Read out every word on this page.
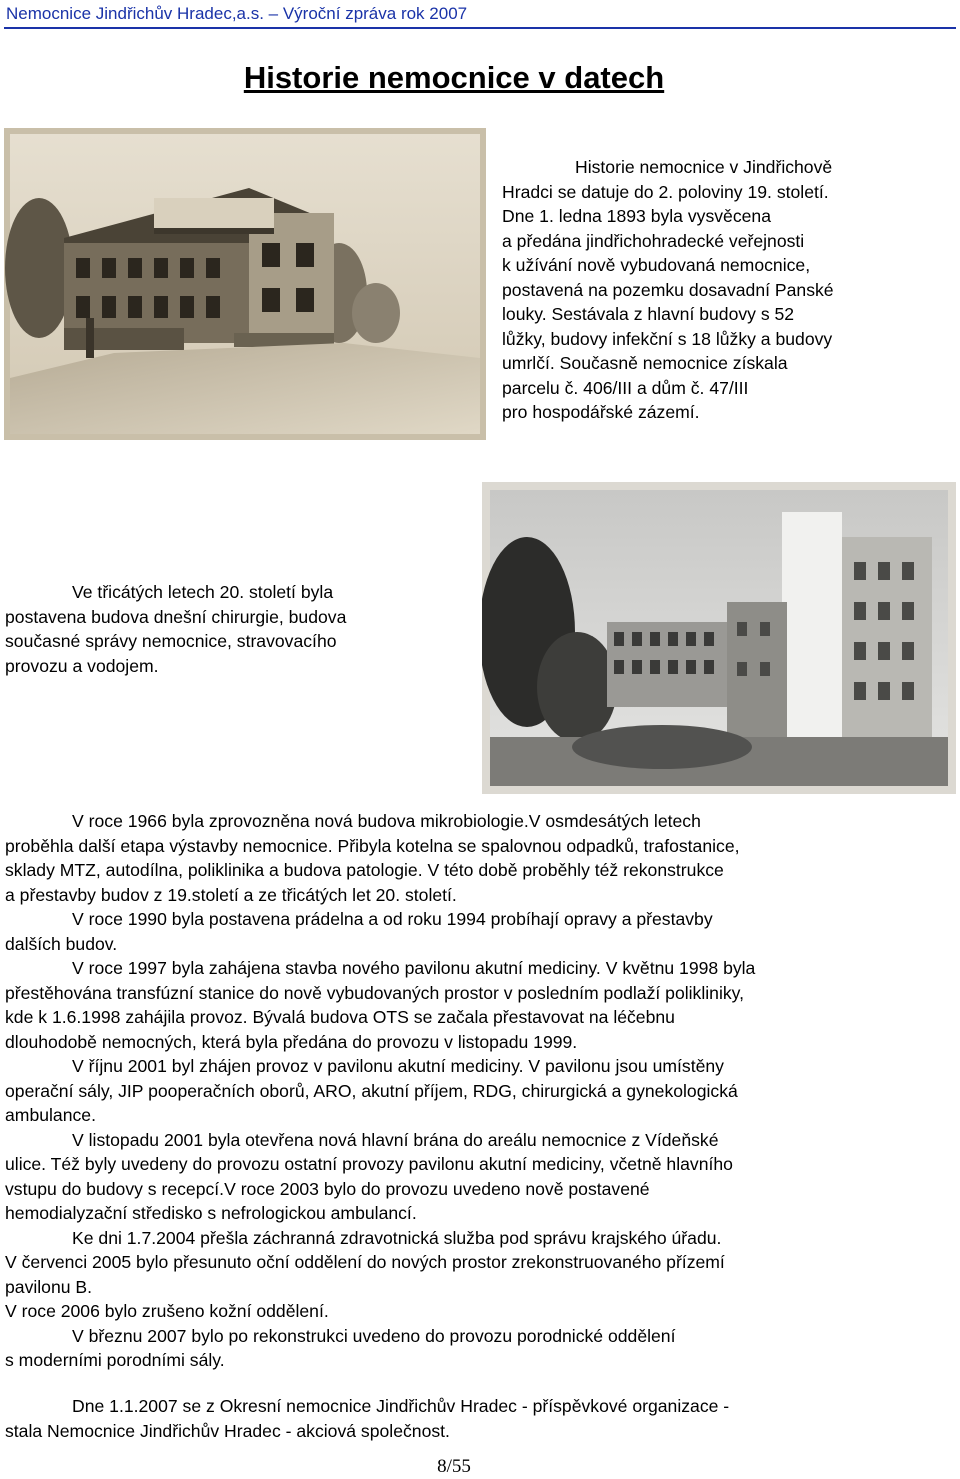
Nemocnice Jindřichův Hradec,a.s. – Výroční zpráva rok 2007
Historie nemocnice v datech

Historie nemocnice v Jindřichově

Hradci se datuje do 2. poloviny 19. století.

Dne 1. ledna 1893 byla vysvěcena

a předána jindřichohradecké veřejnosti

k užívání nově vybudovaná nemocnice,

postavená na pozemku dosavadní Panské

louky. Sestávala z hlavní budovy s 52

lůžky, budovy infekční s 18 lůžky a budovy

umrlčí. Současně nemocnice získala

parcelu č. 406/III a dům č. 47/III

pro hospodářské zázemí.

Ve třicátých letech 20. století byla

postavena budova dnešní chirurgie, budova

současné správy nemocnice, stravovacího

provozu a vodojem.

V roce 1966 byla zprovozněna nová budova mikrobiologie.V osmdesátých letech

proběhla další etapa výstavby nemocnice. Přibyla kotelna se spalovnou odpadků, trafostanice,

sklady MTZ, autodílna, poliklinika a budova patologie. V této době proběhly též rekonstrukce

a přestavby budov z 19.století a ze třicátých let 20. století.

V roce 1990 byla postavena prádelna a od roku 1994 probíhají opravy a přestavby

dalších budov.

V roce 1997 byla zahájena stavba nového pavilonu akutní mediciny. V květnu 1998 byla

přestěhována transfúzní stanice do nově vybudovaných prostor v posledním podlaží polikliniky,

kde k 1.6.1998 zahájila provoz. Bývalá budova OTS se začala přestavovat na léčebnu

dlouhodobě nemocných, která byla předána do provozu v listopadu 1999.

V říjnu 2001 byl zhájen provoz v pavilonu akutní mediciny. V pavilonu jsou umístěny

operační sály, JIP pooperačních oborů, ARO, akutní příjem, RDG, chirurgická a gynekologická

ambulance.

V listopadu 2001 byla otevřena nová hlavní brána do areálu nemocnice z Vídeňské

ulice. Též byly uvedeny do provozu ostatní provozy pavilonu akutní mediciny, včetně hlavního

vstupu do budovy s recepcí.V roce 2003 bylo do provozu uvedeno nově postavené

hemodialyzační středisko s nefrologickou ambulancí.

Ke dni 1.7.2004 přešla záchranná zdravotnická služba pod správu krajského úřadu.

V červenci 2005 bylo přesunuto oční oddělení do nových prostor zrekonstruovaného přízemí

pavilonu B.

V roce 2006 bylo zrušeno kožní oddělení.

V březnu 2007 bylo po rekonstrukci uvedeno do provozu porodnické oddělení

s moderními porodními sály.

Dne 1.1.2007 se z Okresní nemocnice Jindřichův Hradec - příspěvkové organizace -

stala Nemocnice Jindřichův Hradec - akciová společnost.

8/55
